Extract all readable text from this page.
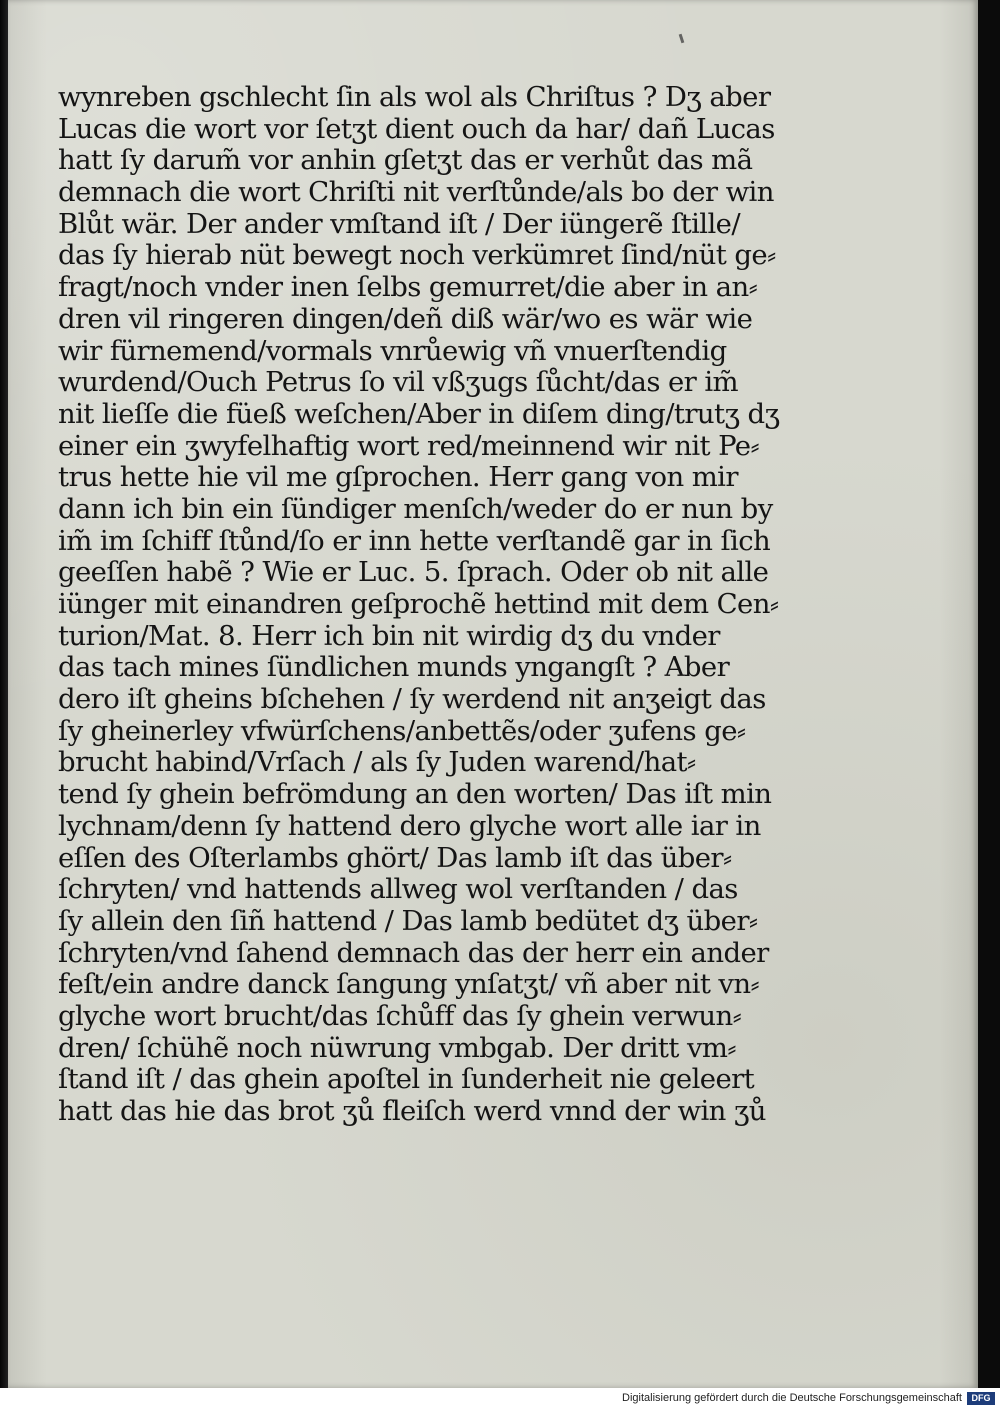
wynreben gschlecht ſin als wol als Chriſtus ? Dʒ aber
Lucas die wort vor ſetʒt dient ouch da har/ dañ Lucas
hatt ſy darum̃ vor anhin gſetʒt das er verhůt das mã
demnach die wort Chriſti nit verſtůnde/als bo der win
Blůt wär. Der ander vmſtand iſt / Der iüngerẽ ſtille/
das ſy hierab nüt bewegt noch verkümret ſind/nüt ge⸗
fragt/noch vnder inen ſelbs gemurret/die aber in an⸗
dren vil ringeren dingen/deñ diß wär/wo es wär wie
wir fürnemend/vormals vnrůewig vñ vnuerſtendig
wurdend/Ouch Petrus ſo vil vßʒugs ſůcht/das er im̃
nit lieſſe die füeß weſchen/Aber in diſem ding/trutʒ dʒ
einer ein ʒwyfelhaftig wort red/meinnend wir nit Pe⸗
trus hette hie vil me gſprochen. Herr gang von mir
dann ich bin ein ſündiger menſch/weder do er nun by
im̃ im ſchiff ſtůnd/ſo er inn hette verſtandẽ gar in ſich
geeſſen habẽ ? Wie er Luc. 5. ſprach. Oder ob nit alle
iünger mit einandren geſprochẽ hettind mit dem Cen⸗
turion/Mat. 8. Herr ich bin nit wirdig dʒ du vnder
das tach mines ſündlichen munds yngangſt ? Aber
dero iſt gheins bſchehen / ſy werdend nit anʒeigt das
ſy gheinerley vfwürſchens/anbettẽs/oder ʒufens ge⸗
brucht habind/Vrſach / als ſy Juden warend/hat⸗
tend ſy ghein befrömdung an den worten/ Das iſt min
lychnam/denn ſy hattend dero glyche wort alle iar in
eſſen des Oſterlambs ghört/ Das lamb iſt das über⸗
ſchryten/ vnd hattends allweg wol verſtanden / das
ſy allein den ſiñ hattend / Das lamb bedütet dʒ über⸗
ſchryten/vnd ſahend demnach das der herr ein ander
feſt/ein andre danck ſangung ynſatʒt/ vñ aber nit vn⸗
glyche wort brucht/das ſchůff das ſy ghein verwun⸗
dren/ ſchühẽ noch nüwrung vmbgab. Der dritt vm⸗
ſtand iſt / das ghein apoſtel in ſunderheit nie geleert
hatt das hie das brot ʒů fleiſch werd vnnd der win ʒů
Digitalisierung gefördert durch die Deutsche Forschungsgemeinschaft	DFG
